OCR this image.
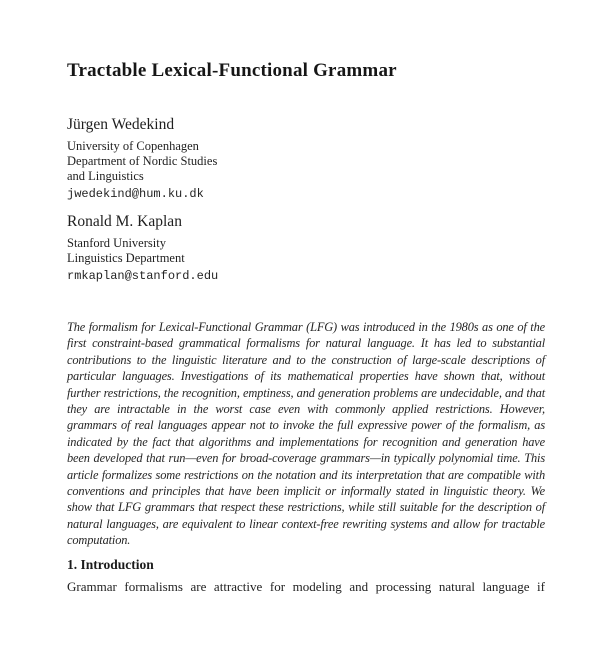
Tractable Lexical-Functional Grammar
Jürgen Wedekind
University of Copenhagen
Department of Nordic Studies
and Linguistics
jwedekind@hum.ku.dk
Ronald M. Kaplan
Stanford University
Linguistics Department
rmkaplan@stanford.edu

The formalism for Lexical-Functional Grammar (LFG) was introduced in the 1980s as one of the first constraint-based grammatical formalisms for natural language. It has led to substantial contributions to the linguistic literature and to the construction of large-scale descriptions of particular languages. Investigations of its mathematical properties have shown that, without further restrictions, the recognition, emptiness, and generation problems are undecidable, and that they are intractable in the worst case even with commonly applied restrictions. However, grammars of real languages appear not to invoke the full expressive power of the formalism, as indicated by the fact that algorithms and implementations for recognition and generation have been developed that run—even for broad-coverage grammars—in typically polynomial time. This article formalizes some restrictions on the notation and its interpretation that are compatible with conventions and principles that have been implicit or informally stated in linguistic theory. We show that LFG grammars that respect these restrictions, while still suitable for the description of natural languages, are equivalent to linear context-free rewriting systems and allow for tractable computation.

1. Introduction

Grammar formalisms are attractive for modeling and processing natural language if
